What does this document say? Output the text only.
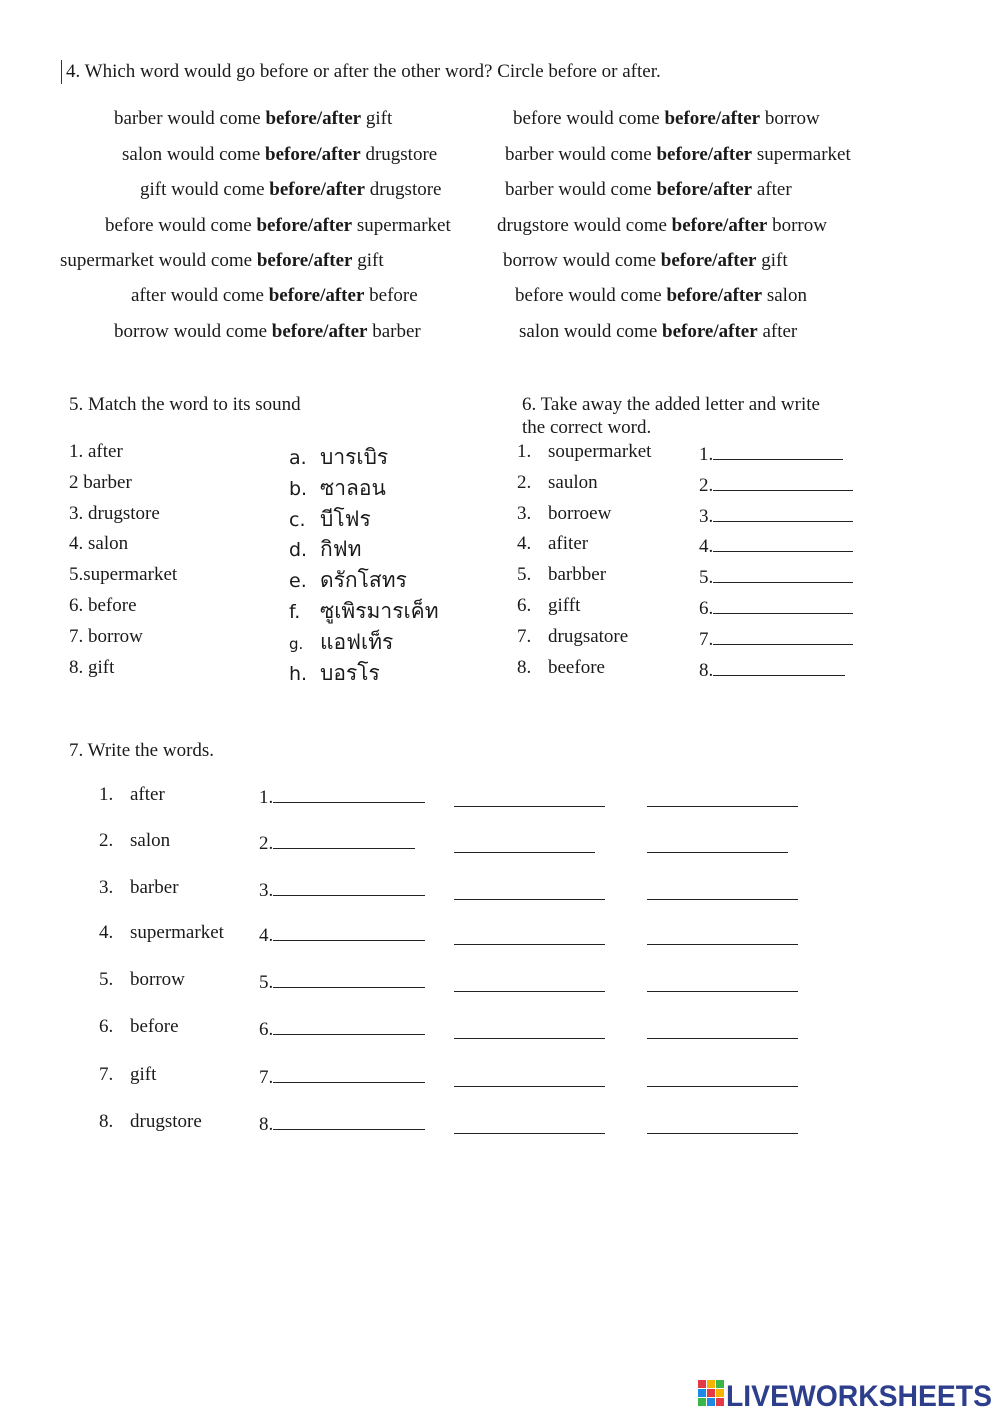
4. Which word would go before or after the other word? Circle before or after.
barber would come before/after gift
salon would come before/after drugstore
gift would come before/after drugstore
before would come before/after supermarket
supermarket would come before/after gift
after would come before/after before
borrow would come before/after barber
before would come before/after borrow
barber would come before/after supermarket
barber would come before/after after
drugstore would come before/after borrow
borrow would come before/after gift
before would come before/after salon
salon would come before/after after
5. Match the word to its sound
1. after
2 barber
3. drugstore
4. salon
5.supermarket
6. before
7. borrow
8. gift
a. บารเบิร
b. ซาลอน
c. บีโฟร
d. กิฟท
e. ดรักโสทร
f. ซูเพิรมารเค็ท
g. แอฟเท็ร
h. บอรโร
6. Take away the added letter and write
the correct word.
1. soupermarket	1.
2. saulon	2.
3. borroew	3.
4. afiter	4.
5. barbber	5.
6. gifft	6.
7. drugsatore	7.
8. beefore	8.
7. Write the words.
1. after	1.
2. salon	2.
3. barber	3.
4. supermarket 4.
5. borrow	5.
6. before	6.
7. gift	7.
8. drugstore	8.
LIVEWORKSHEETS
